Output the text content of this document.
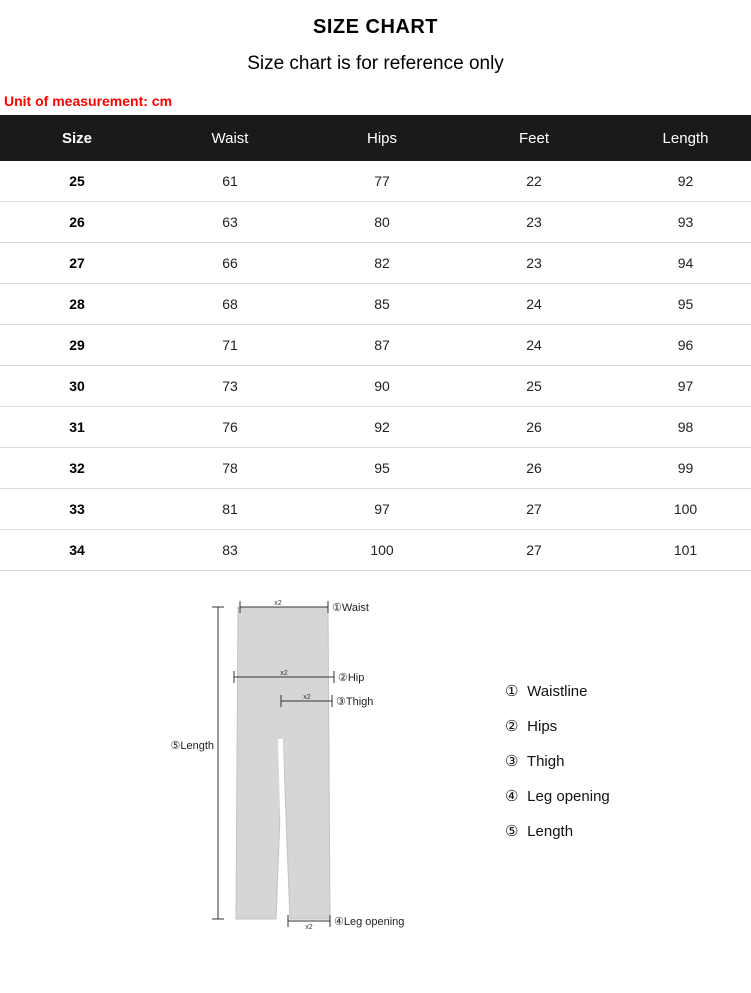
SIZE CHART
Size chart is for reference only
Unit of measurement: cm
Size	Waist	Hips	Feet	Length
25	61	77	22	92
26	63	80	23	93
27	66	82	23	94
28	68	85	24	95
29	71	87	24	96
30	73	90	25	97
31	76	92	26	98
32	78	95	26	99
33	81	97	27	100
34	83	100	27	101
x2	①Waist
x2	②Hip
x2 ③Thigh
⑤Length
x2 ④Leg opening
① Waistline
② Hips
③ Thigh
④ Leg opening
⑤ Length
